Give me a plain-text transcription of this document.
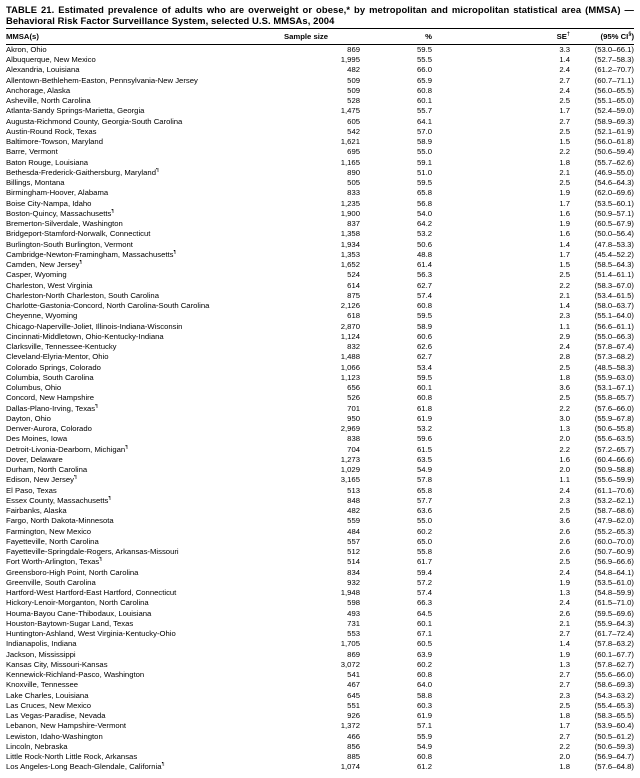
TABLE 21. Estimated prevalence of adults who are overweight or obese,* by metropolitan and micropolitan statistical area (MMSA) — Behavioral Risk Factor Surveillance System, selected U.S. MMSAs, 2004
MMSA(s)	Sample size	%	SE†	(95% CI§)
Akron, Ohio	869	59.5	3.3	(53.0–66.1)
Albuquerque, New Mexico	1,995	55.5	1.4	(52.7–58.3)
Alexandria, Louisiana	482	66.0	2.4	(61.2–70.7)
Allentown-Bethlehem-Easton, Pennsylvania-New Jersey	509	65.9	2.7	(60.7–71.1)
Anchorage, Alaska	509	60.8	2.4	(56.0–65.5)
Asheville, North Carolina	528	60.1	2.5	(55.1–65.0)
Atlanta-Sandy Springs-Marietta, Georgia	1,475	55.7	1.7	(52.4–59.0)
Augusta-Richmond County, Georgia-South Carolina	605	64.1	2.7	(58.9–69.3)
Austin-Round Rock, Texas	542	57.0	2.5	(52.1–61.9)
Baltimore-Towson, Maryland	1,621	58.9	1.5	(56.0–61.8)
Barre, Vermont	695	55.0	2.2	(50.6–59.4)
Baton Rouge, Louisiana	1,165	59.1	1.8	(55.7–62.6)
Bethesda-Frederick-Gaithersburg, Maryland¶	890	51.0	2.1	(46.9–55.0)
Billings, Montana	505	59.5	2.5	(54.6–64.3)
Birmingham-Hoover, Alabama	833	65.8	1.9	(62.0–69.6)
Boise City-Nampa, Idaho	1,235	56.8	1.7	(53.5–60.1)
Boston-Quincy, Massachusetts¶	1,900	54.0	1.6	(50.9–57.1)
Bremerton-Silverdale, Washington	837	64.2	1.9	(60.5–67.9)
Bridgeport-Stamford-Norwalk, Connecticut	1,358	53.2	1.6	(50.0–56.4)
Burlington-South Burlington, Vermont	1,934	50.6	1.4	(47.8–53.3)
Cambridge-Newton-Framingham, Massachusetts¶	1,353	48.8	1.7	(45.4–52.2)
Camden, New Jersey¶	1,652	61.4	1.5	(58.5–64.3)
Casper, Wyoming	524	56.3	2.5	(51.4–61.1)
Charleston, West Virginia	614	62.7	2.2	(58.3–67.0)
Charleston-North Charleston, South Carolina	875	57.4	2.1	(53.4–61.5)
Charlotte-Gastonia-Concord, North Carolina-South Carolina	2,126	60.8	1.4	(58.0–63.7)
Cheyenne, Wyoming	618	59.5	2.3	(55.1–64.0)
Chicago-Naperville-Joliet, Illinois-Indiana-Wisconsin	2,870	58.9	1.1	(56.6–61.1)
Cincinnati-Middletown, Ohio-Kentucky-Indiana	1,124	60.6	2.9	(55.0–66.3)
Clarksville, Tennessee-Kentucky	832	62.6	2.4	(57.8–67.4)
Cleveland-Elyria-Mentor, Ohio	1,488	62.7	2.8	(57.3–68.2)
Colorado Springs, Colorado	1,066	53.4	2.5	(48.5–58.3)
Columbia, South Carolina	1,123	59.5	1.8	(55.9–63.0)
Columbus, Ohio	656	60.1	3.6	(53.1–67.1)
Concord, New Hampshire	526	60.8	2.5	(55.8–65.7)
Dallas-Plano-Irving, Texas¶	701	61.8	2.2	(57.6–66.0)
Dayton, Ohio	950	61.9	3.0	(55.9–67.8)
Denver-Aurora, Colorado	2,969	53.2	1.3	(50.6–55.8)
Des Moines, Iowa	838	59.6	2.0	(55.6–63.5)
Detroit-Livonia-Dearborn, Michigan¶	704	61.5	2.2	(57.2–65.7)
Dover, Delaware	1,273	63.5	1.6	(60.4–66.6)
Durham, North Carolina	1,029	54.9	2.0	(50.9–58.8)
Edison, New Jersey¶	3,165	57.8	1.1	(55.6–59.9)
El Paso, Texas	513	65.8	2.4	(61.1–70.6)
Essex County, Massachusetts¶	848	57.7	2.3	(53.2–62.1)
Fairbanks, Alaska	482	63.6	2.5	(58.7–68.6)
Fargo, North Dakota-Minnesota	559	55.0	3.6	(47.9–62.0)
Farmington, New Mexico	484	60.2	2.6	(55.2–65.3)
Fayetteville, North Carolina	557	65.0	2.6	(60.0–70.0)
Fayetteville-Springdale-Rogers, Arkansas-Missouri	512	55.8	2.6	(50.7–60.9)
Fort Worth-Arlington, Texas¶	514	61.7	2.5	(56.9–66.6)
Greensboro-High Point, North Carolina	834	59.4	2.4	(54.8–64.1)
Greenville, South Carolina	932	57.2	1.9	(53.5–61.0)
Hartford-West Hartford-East Hartford, Connecticut	1,948	57.4	1.3	(54.8–59.9)
Hickory-Lenoir-Morganton, North Carolina	598	66.3	2.4	(61.5–71.0)
Houma-Bayou Cane-Thibodaux, Louisiana	493	64.5	2.6	(59.5–69.6)
Houston-Baytown-Sugar Land, Texas	731	60.1	2.1	(55.9–64.3)
Huntington-Ashland, West Virginia-Kentucky-Ohio	553	67.1	2.7	(61.7–72.4)
Indianapolis, Indiana	1,705	60.5	1.4	(57.8–63.2)
Jackson, Mississippi	869	63.9	1.9	(60.1–67.7)
Kansas City, Missouri-Kansas	3,072	60.2	1.3	(57.8–62.7)
Kennewick-Richland-Pasco, Washington	541	60.8	2.7	(55.6–66.0)
Knoxville, Tennessee	467	64.0	2.7	(58.6–69.3)
Lake Charles, Louisiana	645	58.8	2.3	(54.3–63.2)
Las Cruces, New Mexico	551	60.3	2.5	(55.4–65.3)
Las Vegas-Paradise, Nevada	926	61.9	1.8	(58.3–65.5)
Lebanon, New Hampshire-Vermont	1,372	57.1	1.7	(53.9–60.4)
Lewiston, Idaho-Washington	466	55.9	2.7	(50.5–61.2)
Lincoln, Nebraska	856	54.9	2.2	(50.6–59.3)
Little Rock-North Little Rock, Arkansas	885	60.8	2.0	(56.9–64.7)
Los Angeles-Long Beach-Glendale, California¶	1,074	61.2	1.8	(57.6–64.8)
